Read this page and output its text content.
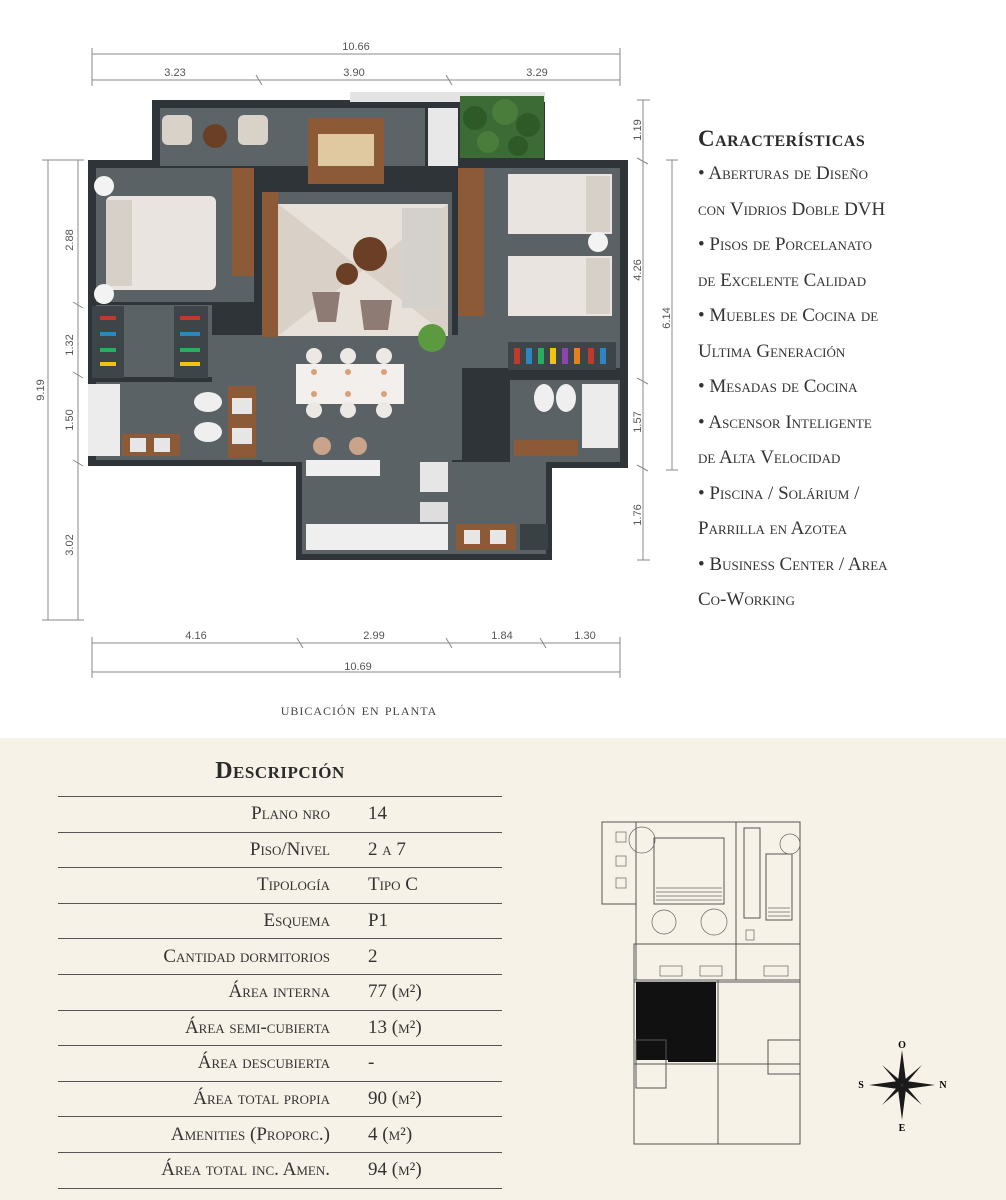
10.66
3.23	3.90	3.29
4.16	2.99	1.84	1.30
10.69
9.19
2.88
1.32
1.50
3.02
1.19
4.26
1.57
1.76
6.14
ubicación en planta
Características
• Aberturas de Diseño
con Vidrios Doble DVH
• Pisos de Porcelanato
de Excelente Calidad
• Muebles de Cocina de
Ultima Generación
• Mesadas de Cocina
• Ascensor Inteligente
de Alta Velocidad
• Piscina / Solárium /
Parrilla en Azotea
• Business Center / Area
Co-Working
Descripción
Plano nro	14
Piso/Nivel	2 a 7
Tipología	Tipo C
Esquema	P1
Cantidad dormitorios	2
Área interna	77 (m²)
Área semi-cubierta	13 (m²)
Área descubierta	-
Área total propia	90 (m²)
Amenities (Proporc.)	4 (m²)
Área total inc. Amen.	94 (m²)
O
E
S	N
